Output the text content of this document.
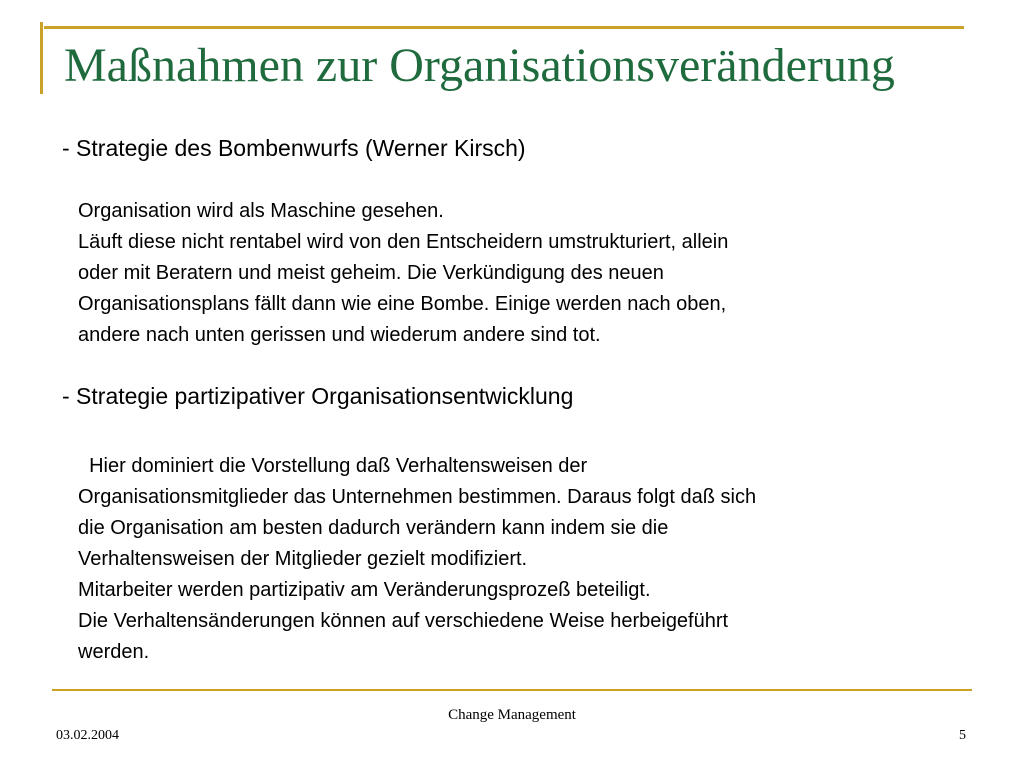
Maßnahmen zur Organisationsveränderung
- Strategie des Bombenwurfs (Werner Kirsch)
Organisation wird als Maschine gesehen.
Läuft diese nicht rentabel wird von den Entscheidern umstrukturiert, allein
oder mit Beratern und meist geheim. Die Verkündigung des neuen
Organisationsplans fällt dann wie eine Bombe. Einige werden nach oben,
andere nach unten gerissen und wiederum andere sind tot.
- Strategie partizipativer Organisationsentwicklung
Hier dominiert die Vorstellung daß Verhaltensweisen der
Organisationsmitglieder das Unternehmen bestimmen. Daraus folgt daß sich
die Organisation am besten dadurch verändern kann indem sie die
Verhaltensweisen der Mitglieder gezielt modifiziert.
Mitarbeiter werden partizipativ am Veränderungsprozeß beteiligt.
Die Verhaltensänderungen können auf verschiedene Weise herbeigeführt
werden.
Change Management
03.02.2004	5
